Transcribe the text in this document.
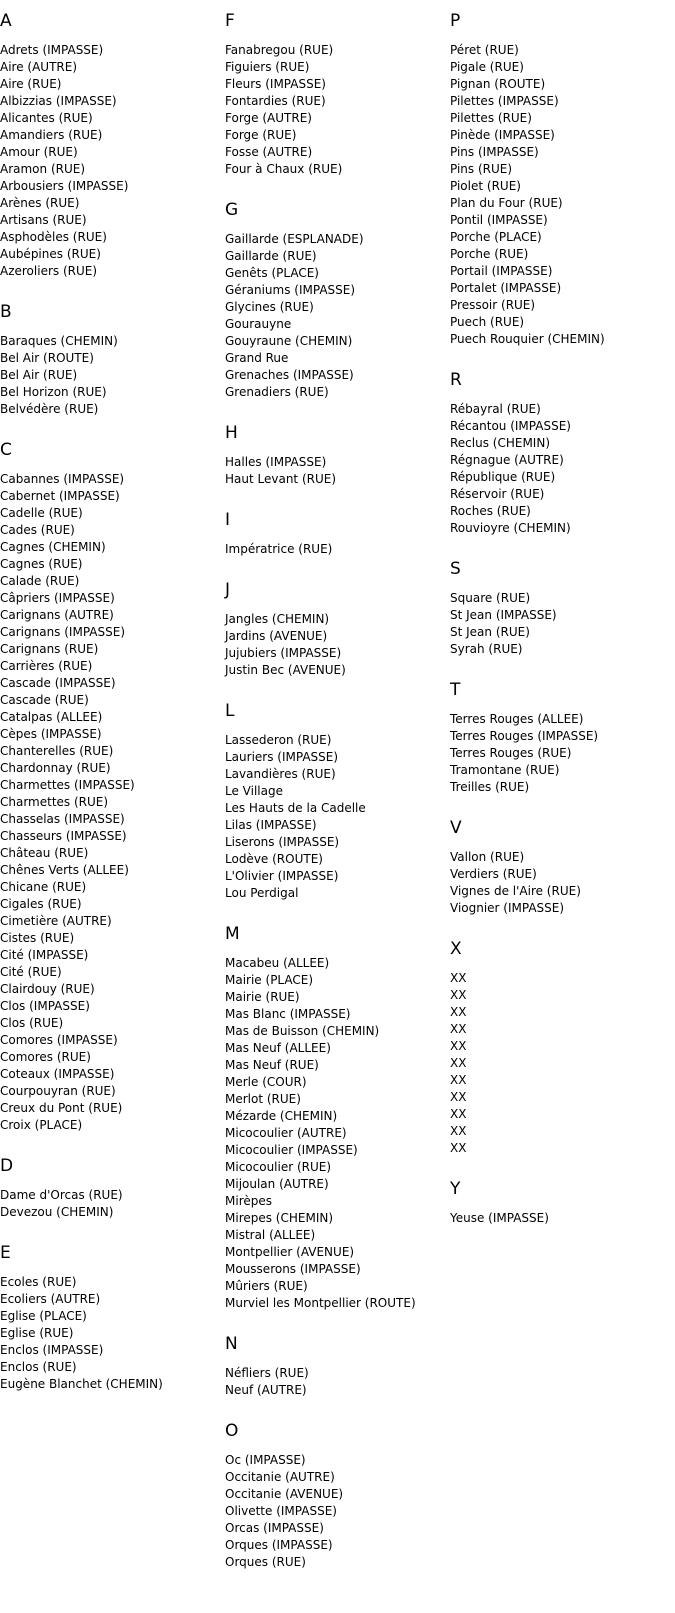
A
Adrets (IMPASSE)
Aire (AUTRE)
Aire (RUE)
Albizzias (IMPASSE)
Alicantes (RUE)
Amandiers (RUE)
Amour (RUE)
Aramon (RUE)
Arbousiers (IMPASSE)
Arènes (RUE)
Artisans (RUE)
Asphodèles (RUE)
Aubépines (RUE)
Azeroliers (RUE)
B
Baraques (CHEMIN)
Bel Air (ROUTE)
Bel Air (RUE)
Bel Horizon (RUE)
Belvédère (RUE)
C
Cabannes (IMPASSE)
Cabernet (IMPASSE)
Cadelle (RUE)
Cades (RUE)
Cagnes (CHEMIN)
Cagnes (RUE)
Calade (RUE)
Câpriers (IMPASSE)
Carignans (AUTRE)
Carignans (IMPASSE)
Carignans (RUE)
Carrières (RUE)
Cascade (IMPASSE)
Cascade (RUE)
Catalpas (ALLEE)
Cèpes (IMPASSE)
Chanterelles (RUE)
Chardonnay (RUE)
Charmettes (IMPASSE)
Charmettes (RUE)
Chasselas (IMPASSE)
Chasseurs (IMPASSE)
Château (RUE)
Chênes Verts (ALLEE)
Chicane (RUE)
Cigales (RUE)
Cimetière (AUTRE)
Cistes (RUE)
Cité (IMPASSE)
Cité (RUE)
Clairdouy (RUE)
Clos (IMPASSE)
Clos (RUE)
Comores (IMPASSE)
Comores (RUE)
Coteaux (IMPASSE)
Courpouyran (RUE)
Creux du Pont (RUE)
Croix (PLACE)
D
Dame d'Orcas (RUE)
Devezou (CHEMIN)
E
Ecoles (RUE)
Ecoliers (AUTRE)
Eglise (PLACE)
Eglise (RUE)
Enclos (IMPASSE)
Enclos (RUE)
Eugène Blanchet (CHEMIN)
F
Fanabregou (RUE)
Figuiers (RUE)
Fleurs (IMPASSE)
Fontardies (RUE)
Forge (AUTRE)
Forge (RUE)
Fosse (AUTRE)
Four à Chaux (RUE)
G
Gaillarde (ESPLANADE)
Gaillarde (RUE)
Genêts (PLACE)
Géraniums (IMPASSE)
Glycines (RUE)
Gourauyne
Gouyraune (CHEMIN)
Grand Rue
Grenaches (IMPASSE)
Grenadiers (RUE)
H
Halles (IMPASSE)
Haut Levant (RUE)
I
Impératrice (RUE)
J
Jangles (CHEMIN)
Jardins (AVENUE)
Jujubiers (IMPASSE)
Justin Bec (AVENUE)
L
Lassederon (RUE)
Lauriers (IMPASSE)
Lavandières (RUE)
Le Village
Les Hauts de la Cadelle
Lilas (IMPASSE)
Liserons (IMPASSE)
Lodève (ROUTE)
L'Olivier (IMPASSE)
Lou Perdigal
M
Macabeu (ALLEE)
Mairie (PLACE)
Mairie (RUE)
Mas Blanc (IMPASSE)
Mas de Buisson (CHEMIN)
Mas Neuf (ALLEE)
Mas Neuf (RUE)
Merle (COUR)
Merlot (RUE)
Mézarde (CHEMIN)
Micocoulier (AUTRE)
Micocoulier (IMPASSE)
Micocoulier (RUE)
Mijoulan (AUTRE)
Mirèpes
Mirepes (CHEMIN)
Mistral (ALLEE)
Montpellier (AVENUE)
Mousserons (IMPASSE)
Mûriers (RUE)
Murviel les Montpellier (ROUTE)
N
Néfliers (RUE)
Neuf (AUTRE)
O
Oc (IMPASSE)
Occitanie (AUTRE)
Occitanie (AVENUE)
Olivette (IMPASSE)
Orcas (IMPASSE)
Orques (IMPASSE)
Orques (RUE)
P
Péret (RUE)
Pigale (RUE)
Pignan (ROUTE)
Pilettes (IMPASSE)
Pilettes (RUE)
Pinède (IMPASSE)
Pins (IMPASSE)
Pins (RUE)
Piolet (RUE)
Plan du Four (RUE)
Pontil (IMPASSE)
Porche (PLACE)
Porche (RUE)
Portail (IMPASSE)
Portalet (IMPASSE)
Pressoir (RUE)
Puech (RUE)
Puech Rouquier (CHEMIN)
R
Rébayral (RUE)
Récantou (IMPASSE)
Reclus (CHEMIN)
Régnague (AUTRE)
République (RUE)
Réservoir (RUE)
Roches (RUE)
Rouvioyre (CHEMIN)
S
Square (RUE)
St Jean (IMPASSE)
St Jean (RUE)
Syrah (RUE)
T
Terres Rouges (ALLEE)
Terres Rouges (IMPASSE)
Terres Rouges (RUE)
Tramontane (RUE)
Treilles (RUE)
V
Vallon (RUE)
Verdiers (RUE)
Vignes de l'Aire (RUE)
Viognier (IMPASSE)
X
XX
XX
XX
XX
XX
XX
XX
XX
XX
XX
XX
Y
Yeuse (IMPASSE)
